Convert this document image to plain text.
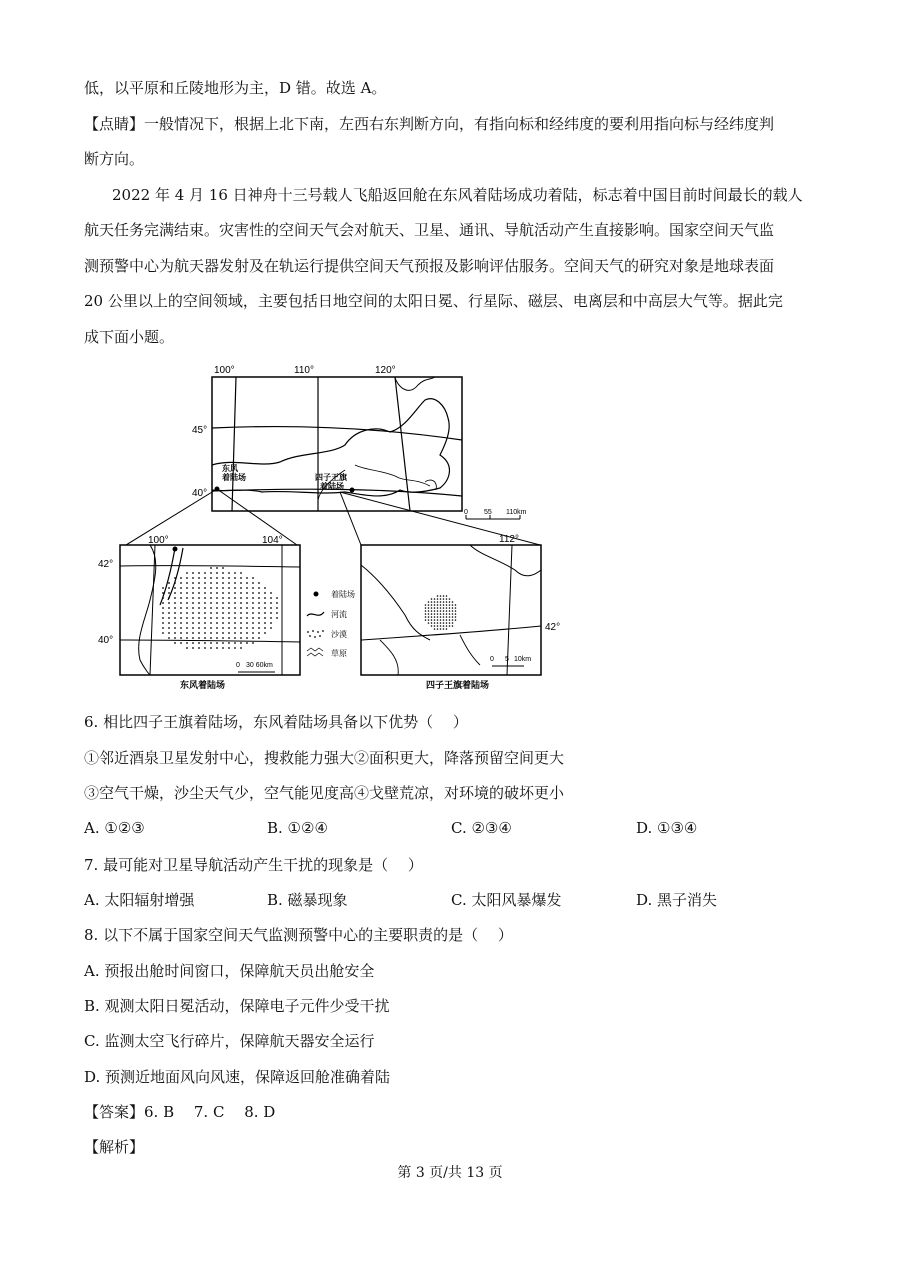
低，以平原和丘陵地形为主，D 错。故选 A。
【点睛】一般情况下，根据上北下南，左西右东判断方向，有指向标和经纬度的要利用指向标与经纬度判
断方向。
2022 年 4 月 16 日神舟十三号载人飞船返回舱在东风着陆场成功着陆，标志着中国目前时间最长的载人
航天任务完满结束。灾害性的空间天气会对航天、卫星、通讯、导航活动产生直接影响。国家空间天气监
测预警中心为航天器发射及在轨运行提供空间天气预报及影响评估服务。空间天气的研究对象是地球表面
20 公里以上的空间领域，主要包括日地空间的太阳日冕、行星际、磁层、电离层和中高层大气等。据此完
成下面小题。
100°	110°	120°
45°
40°
东风
着陆场	四子王旗
着陆场
0 55 110km
100°	104°
42°
40°
0 30 60km
东风着陆场
着陆场
河流
沙漠
草原
112°
42°
0 5 10km
四子王旗着陆场
6. 相比四子王旗着陆场，东风着陆场具备以下优势（　 ）
①邻近酒泉卫星发射中心，搜救能力强大②面积更大，降落预留空间更大
③空气干燥，沙尘天气少，空气能见度高④戈壁荒凉，对环境的破坏更小
A. ①②③	B. ①②④	C. ②③④	D. ①③④
7. 最可能对卫星导航活动产生干扰的现象是（　 ）
A. 太阳辐射增强	B. 磁暴现象	C. 太阳风暴爆发	D. 黑子消失
8. 以下不属于国家空间天气监测预警中心的主要职责的是（　 ）
A. 预报出舱时间窗口，保障航天员出舱安全
B. 观测太阳日冕活动，保障电子元件少受干扰
C. 监测太空飞行碎片，保障航天器安全运行
D. 预测近地面风向风速，保障返回舱准确着陆
【答案】6. B　 7. C　 8. D
【解析】
第 3 页/共 13 页
